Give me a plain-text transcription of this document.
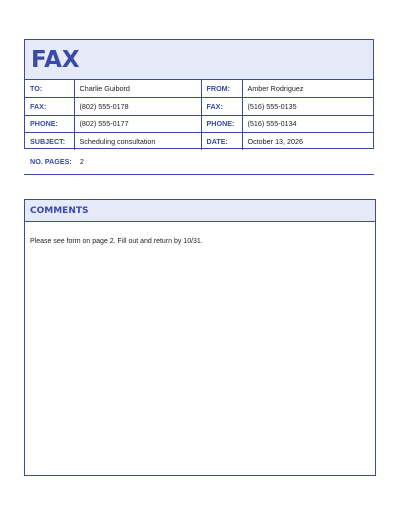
FAX
TO:	Charlie Guibord	FROM:	Amber Rodriguez
FAX:	(802) 555-0178	FAX:	(516) 555-0135
PHONE:	(802) 555-0177	PHONE:	(516) 555-0134
SUBJECT:	Scheduling consultation	DATE:	October 13, 2026
NO. PAGES:	2
COMMENTS
Please see form on page 2. Fill out and return by 10/31.
